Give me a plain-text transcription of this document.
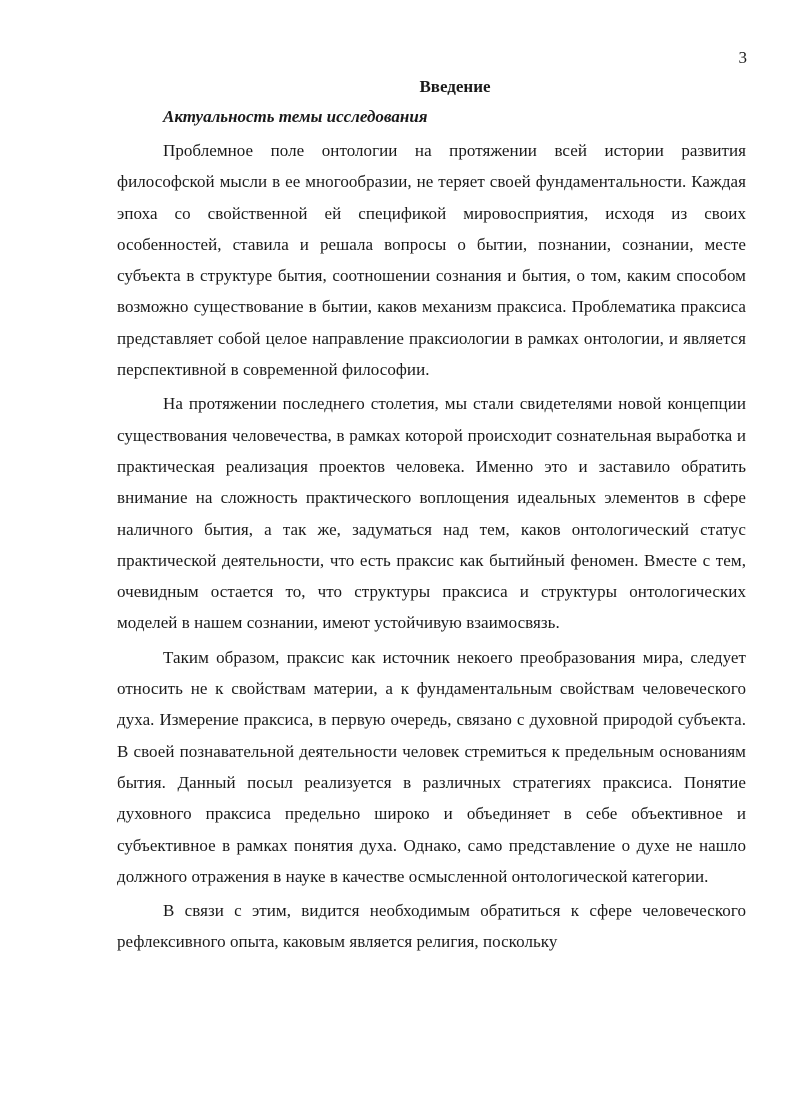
3
Введение
Актуальность темы исследования

Проблемное поле онтологии на протяжении всей истории развития философской мысли в ее многообразии, не теряет своей фундаментальности. Каждая эпоха со свойственной ей спецификой мировосприятия, исходя из своих особенностей, ставила и решала вопросы о бытии, познании, сознании, месте субъекта в структуре бытия, соотношении сознания и бытия, о том, каким способом возможно существование в бытии, каков механизм праксиса. Проблематика праксиса представляет собой целое направление праксиологии в рамках онтологии, и является перспективной в современной философии.

На протяжении последнего столетия, мы стали свидетелями новой концепции существования человечества, в рамках которой происходит сознательная выработка и практическая реализация проектов человека. Именно это и заставило обратить внимание на сложность практического воплощения идеальных элементов в сфере наличного бытия, а так же, задуматься над тем, каков онтологический статус практической деятельности, что есть праксис как бытийный феномен. Вместе с тем, очевидным остается то, что структуры праксиса и структуры онтологических моделей в нашем сознании, имеют устойчивую взаимосвязь.

Таким образом, праксис как источник некоего преобразования мира, следует относить не к свойствам материи, а к фундаментальным свойствам человеческого духа. Измерение праксиса, в первую очередь, связано с духовной природой субъекта. В своей познавательной деятельности человек стремиться к предельным основаниям бытия. Данный посыл реализуется в различных стратегиях праксиса. Понятие духовного праксиса предельно широко и объединяет в себе объективное и субъективное в рамках понятия духа. Однако, само представление о духе не нашло должного отражения в науке в качестве осмысленной онтологической категории.

В связи с этим, видится необходимым обратиться к сфере человеческого рефлексивного опыта, каковым является религия, поскольку
